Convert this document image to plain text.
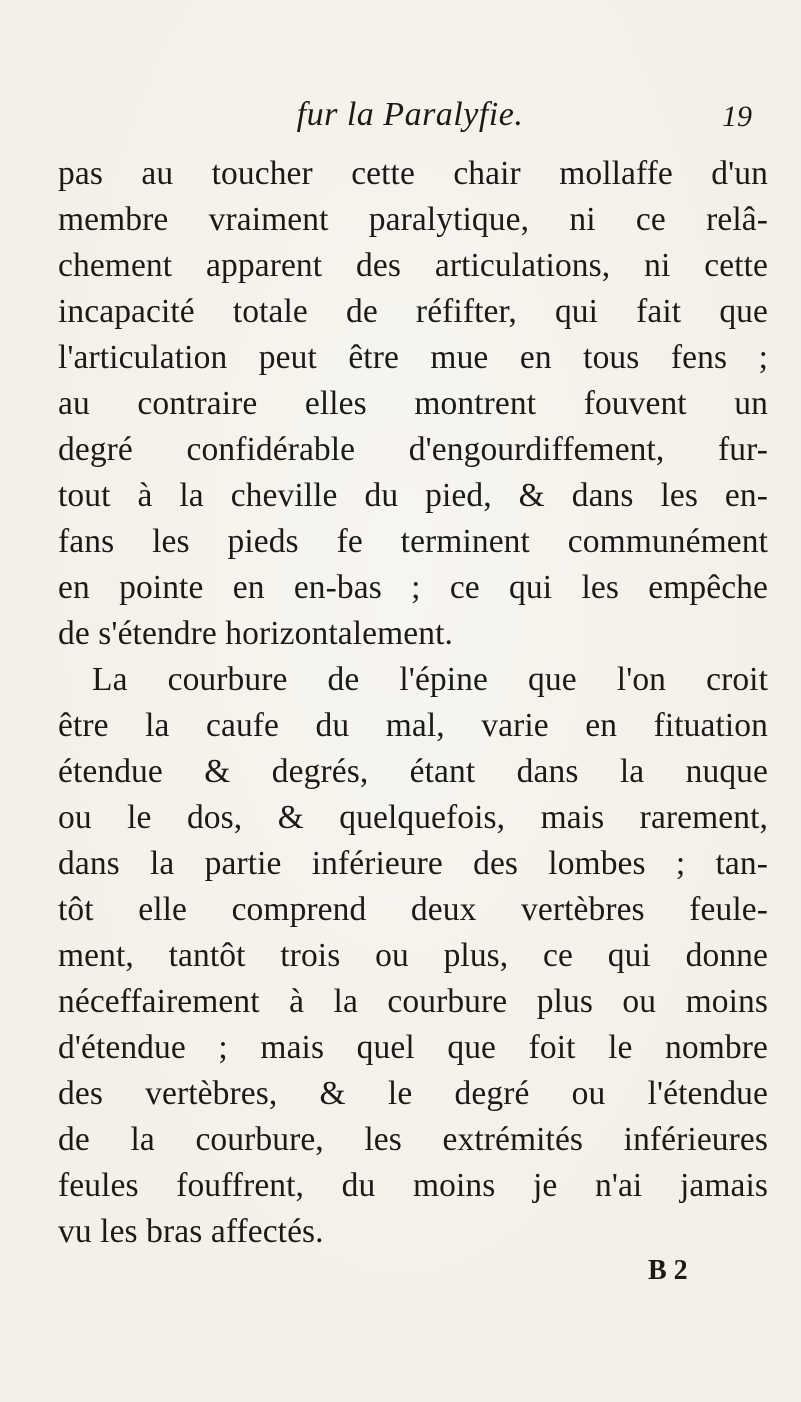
fur la Paralyfie.	19
pas au toucher cette chair mollaffe d'un
membre vraiment paralytique, ni ce relâ-
chement apparent des articulations, ni cette
incapacité totale de réfifter, qui fait que
l'articulation peut être mue en tous fens ;
au contraire elles montrent fouvent un
degré confidérable d'engourdiffement, fur-
tout à la cheville du pied, & dans les en-
fans les pieds fe terminent communément
en pointe en en-bas ; ce qui les empêche
de s'étendre horizontalement.
La courbure de l'épine que l'on croit
être la caufe du mal, varie en fituation
étendue & degrés, étant dans la nuque
ou le dos, & quelquefois, mais rarement,
dans la partie inférieure des lombes ; tan-
tôt elle comprend deux vertèbres feule-
ment, tantôt trois ou plus, ce qui donne
néceffairement à la courbure plus ou moins
d'étendue ; mais quel que foit le nombre
des vertèbres, & le degré ou l'étendue
de la courbure, les extrémités inférieures
feules fouffrent, du moins je n'ai jamais
vu les bras affectés.
B 2
